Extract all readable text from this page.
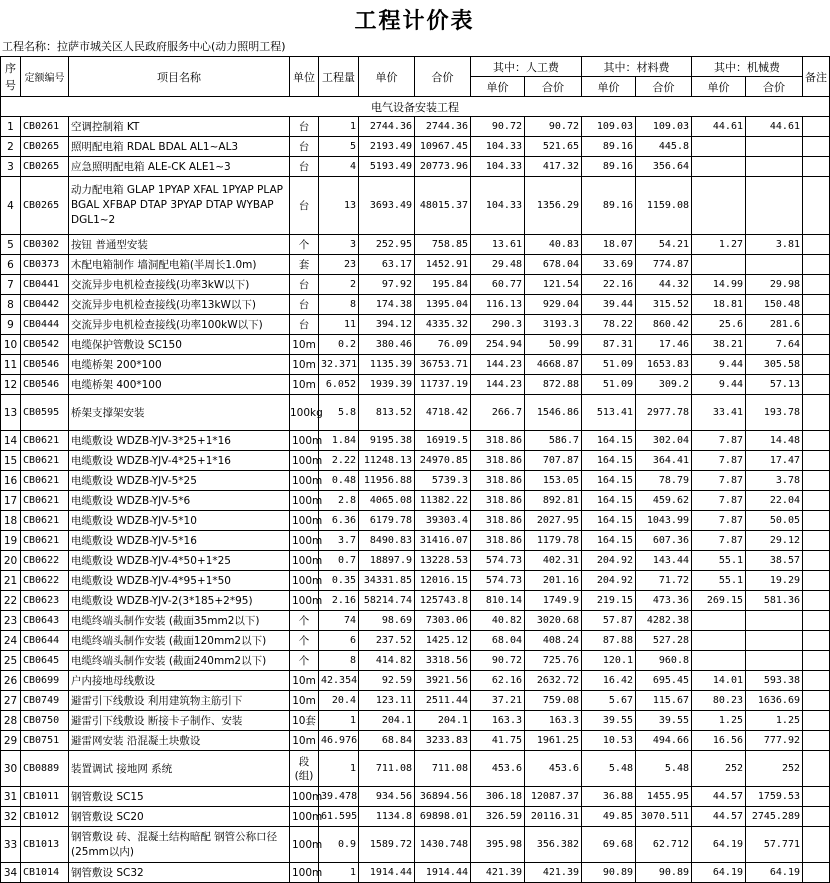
工程计价表
工程名称：拉萨市城关区人民政府服务中心(动力照明工程)
序号	定额编号	项目名称	单位	工程量	单价	合价	其中：人工费		其中：材料费		其中：机械费		备注
							单价	合价	单价	合价	单价	合价	
电气设备安装工程													
1	CB0261	空调控制箱 KT	台	1	2744.36	2744.36	90.72	90.72	109.03	109.03	44.61	44.61	
2	CB0265	照明配电箱 RDAL BDAL AL1~AL3	台	5	2193.49	10967.45	104.33	521.65	89.16	445.8			
3	CB0265	应急照明配电箱 ALE-CK ALE1~3	台	4	5193.49	20773.96	104.33	417.32	89.16	356.64			
4	CB0265	动力配电箱 GLAP 1PYAP XFAL 1PYAP PLAP BGAL XFBAP DTAP 3PYAP DTAP WYBAP DGL1~2	台	13	3693.49	48015.37	104.33	1356.29	89.16	1159.08			
5	CB0302	按钮 普通型安装	个	3	252.95	758.85	13.61	40.83	18.07	54.21	1.27	3.81	
6	CB0373	木配电箱制作 墙洞配电箱(半周长1.0m)	套	23	63.17	1452.91	29.48	678.04	33.69	774.87			
7	CB0441	交流异步电机检查接线(功率3kW以下)	台	2	97.92	195.84	60.77	121.54	22.16	44.32	14.99	29.98	
8	CB0442	交流异步电机检查接线(功率13kW以下)	台	8	174.38	1395.04	116.13	929.04	39.44	315.52	18.81	150.48	
9	CB0444	交流异步电机检查接线(功率100kW以下)	台	11	394.12	4335.32	290.3	3193.3	78.22	860.42	25.6	281.6	
10	CB0542	电缆保护管敷设 SC150	10m	0.2	380.46	76.09	254.94	50.99	87.31	17.46	38.21	7.64	
11	CB0546	电缆桥架 200*100	10m	32.371	1135.39	36753.71	144.23	4668.87	51.09	1653.83	9.44	305.58	
12	CB0546	电缆桥架 400*100	10m	6.052	1939.39	11737.19	144.23	872.88	51.09	309.2	9.44	57.13	
13	CB0595	桥架支撑架安装	100kg	5.8	813.52	4718.42	266.7	1546.86	513.41	2977.78	33.41	193.78	
14	CB0621	电缆敷设 WDZB-YJV-3*25+1*16	100m	1.84	9195.38	16919.5	318.86	586.7	164.15	302.04	7.87	14.48	
15	CB0621	电缆敷设 WDZB-YJV-4*25+1*16	100m	2.22	11248.13	24970.85	318.86	707.87	164.15	364.41	7.87	17.47	
16	CB0621	电缆敷设 WDZB-YJV-5*25	100m	0.48	11956.88	5739.3	318.86	153.05	164.15	78.79	7.87	3.78	
17	CB0621	电缆敷设 WDZB-YJV-5*6	100m	2.8	4065.08	11382.22	318.86	892.81	164.15	459.62	7.87	22.04	
18	CB0621	电缆敷设 WDZB-YJV-5*10	100m	6.36	6179.78	39303.4	318.86	2027.95	164.15	1043.99	7.87	50.05	
19	CB0621	电缆敷设 WDZB-YJV-5*16	100m	3.7	8490.83	31416.07	318.86	1179.78	164.15	607.36	7.87	29.12	
20	CB0622	电缆敷设 WDZB-YJV-4*50+1*25	100m	0.7	18897.9	13228.53	574.73	402.31	204.92	143.44	55.1	38.57	
21	CB0622	电缆敷设 WDZB-YJV-4*95+1*50	100m	0.35	34331.85	12016.15	574.73	201.16	204.92	71.72	55.1	19.29	
22	CB0623	电缆敷设 WDZB-YJV-2(3*185+2*95)	100m	2.16	58214.74	125743.8	810.14	1749.9	219.15	473.36	269.15	581.36	
23	CB0643	电缆终端头制作安装 (截面35mm2以下)	个	74	98.69	7303.06	40.82	3020.68	57.87	4282.38			
24	CB0644	电缆终端头制作安装 (截面120mm2以下)	个	6	237.52	1425.12	68.04	408.24	87.88	527.28			
25	CB0645	电缆终端头制作安装 (截面240mm2以下)	个	8	414.82	3318.56	90.72	725.76	120.1	960.8			
26	CB0699	户内接地母线敷设	10m	42.354	92.59	3921.56	62.16	2632.72	16.42	695.45	14.01	593.38	
27	CB0749	避雷引下线敷设 利用建筑物主筋引下	10m	20.4	123.11	2511.44	37.21	759.08	5.67	115.67	80.23	1636.69	
28	CB0750	避雷引下线敷设 断接卡子制作、安装	10套	1	204.1	204.1	163.3	163.3	39.55	39.55	1.25	1.25	
29	CB0751	避雷网安装 沿混凝土块敷设	10m	46.976	68.84	3233.83	41.75	1961.25	10.53	494.66	16.56	777.92	
30	CB0889	装置调试 接地网 系统	段(组)	1	711.08	711.08	453.6	453.6	5.48	5.48	252	252	
31	CB1011	钢管敷设 SC15	100m	39.478	934.56	36894.56	306.18	12087.37	36.88	1455.95	44.57	1759.53	
32	CB1012	钢管敷设 SC20	100m	61.595	1134.8	69898.01	326.59	20116.31	49.85	3070.511	44.57	2745.289	
33	CB1013	钢管敷设 砖、混凝土结构暗配 钢管公称口径(25mm以内)	100m	0.9	1589.72	1430.748	395.98	356.382	69.68	62.712	64.19	57.771	
34	CB1014	钢管敷设 SC32	100m	1	1914.44	1914.44	421.39	421.39	90.89	90.89	64.19	64.19	
